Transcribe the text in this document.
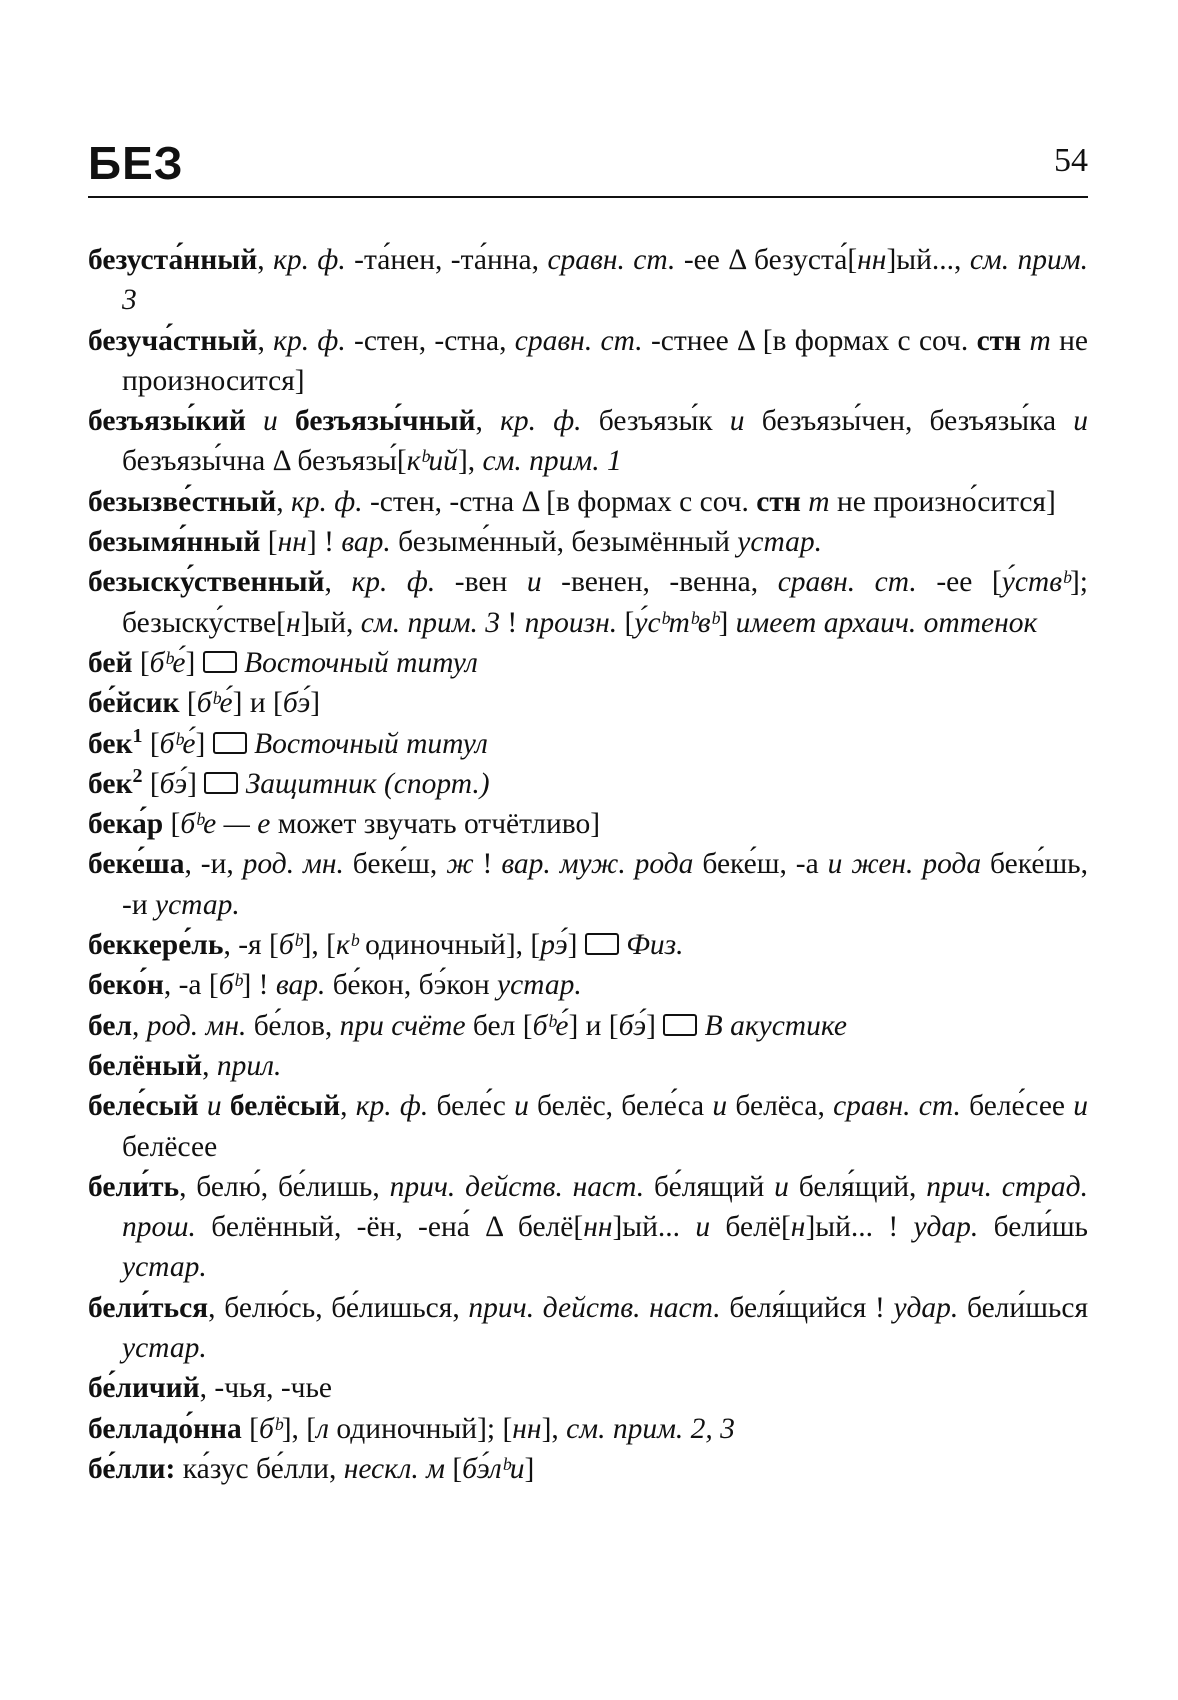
БЕЗ	54

безуста́нный, кр. ф. -та́нен, -та́нна, сравн. ст. -ее Δ безуста́[нн]ый..., см. прим. 3

безуча́стный, кр. ф. -стен, -стна, сравн. ст. -стнее Δ [в формах с соч. стн т не произносится]

безъязы́кий и безъязы́чный, кр. ф. безъязы́к и безъязы́чен, безъязы́ка и безъязы́чна Δ безъязы́[кᵇий], см. прим. 1

безызве́стный, кр. ф. -стен, -стна Δ [в формах с соч. стн т не произно́сится]

безымя́нный [нн] ! вар. безыме́нный, безымённый устар.

безыску́ственный, кр. ф. -вен и -венен, -венна, сравн. ст. -ее [у́ствᵇ]; безыску́стве[н]ый, см. прим. 3 ! произн. [у́сᵇтᵇвᵇ] имеет архаич. оттенок

бей [бᵇе́]  Восточный титул

бе́йсик [бᵇе́] и [бэ́]

бек$^1$ [бᵇе́]  Восточный титул

бек$^2$ [бэ́]  Защитник (спорт.)

бека́р [бᵇе — е может звучать отчётливо]

беке́ша, -и, род. мн. беке́ш, ж ! вар. муж. рода беке́ш, -а и жен. рода беке́шь, -и устар.

беккере́ль, -я [бᵇ], [кᵇ одиночный], [рэ́]  Физ.

беко́н, -а [бᵇ] ! вар. бе́кон, бэ́кон устар.

бел, род. мн. бе́лов, при счёте бел [бᵇе́] и [бэ́]  В акустике

белёный, прил.

беле́сый и белёсый, кр. ф. беле́с и белёс, беле́са и белёса, сравн. ст. беле́сее и белёсее

бели́ть, белю́, бе́лишь, прич. действ. наст. бе́лящий и беля́щий, прич. страд. прош. белённый, -ён, -ена́ Δ белё[нн]ый... и белё[н]ый... ! удар. бели́шь устар.

бели́ться, белю́сь, бе́лишься, прич. действ. наст. беля́щийся ! удар. бели́шься устар.

бе́личий, -чья, -чье

белладо́нна [бᵇ], [л одиночный]; [нн], см. прим. 2, 3

бе́лли: ка́зус бе́лли, нескл. м [бэ́лᵇи]
